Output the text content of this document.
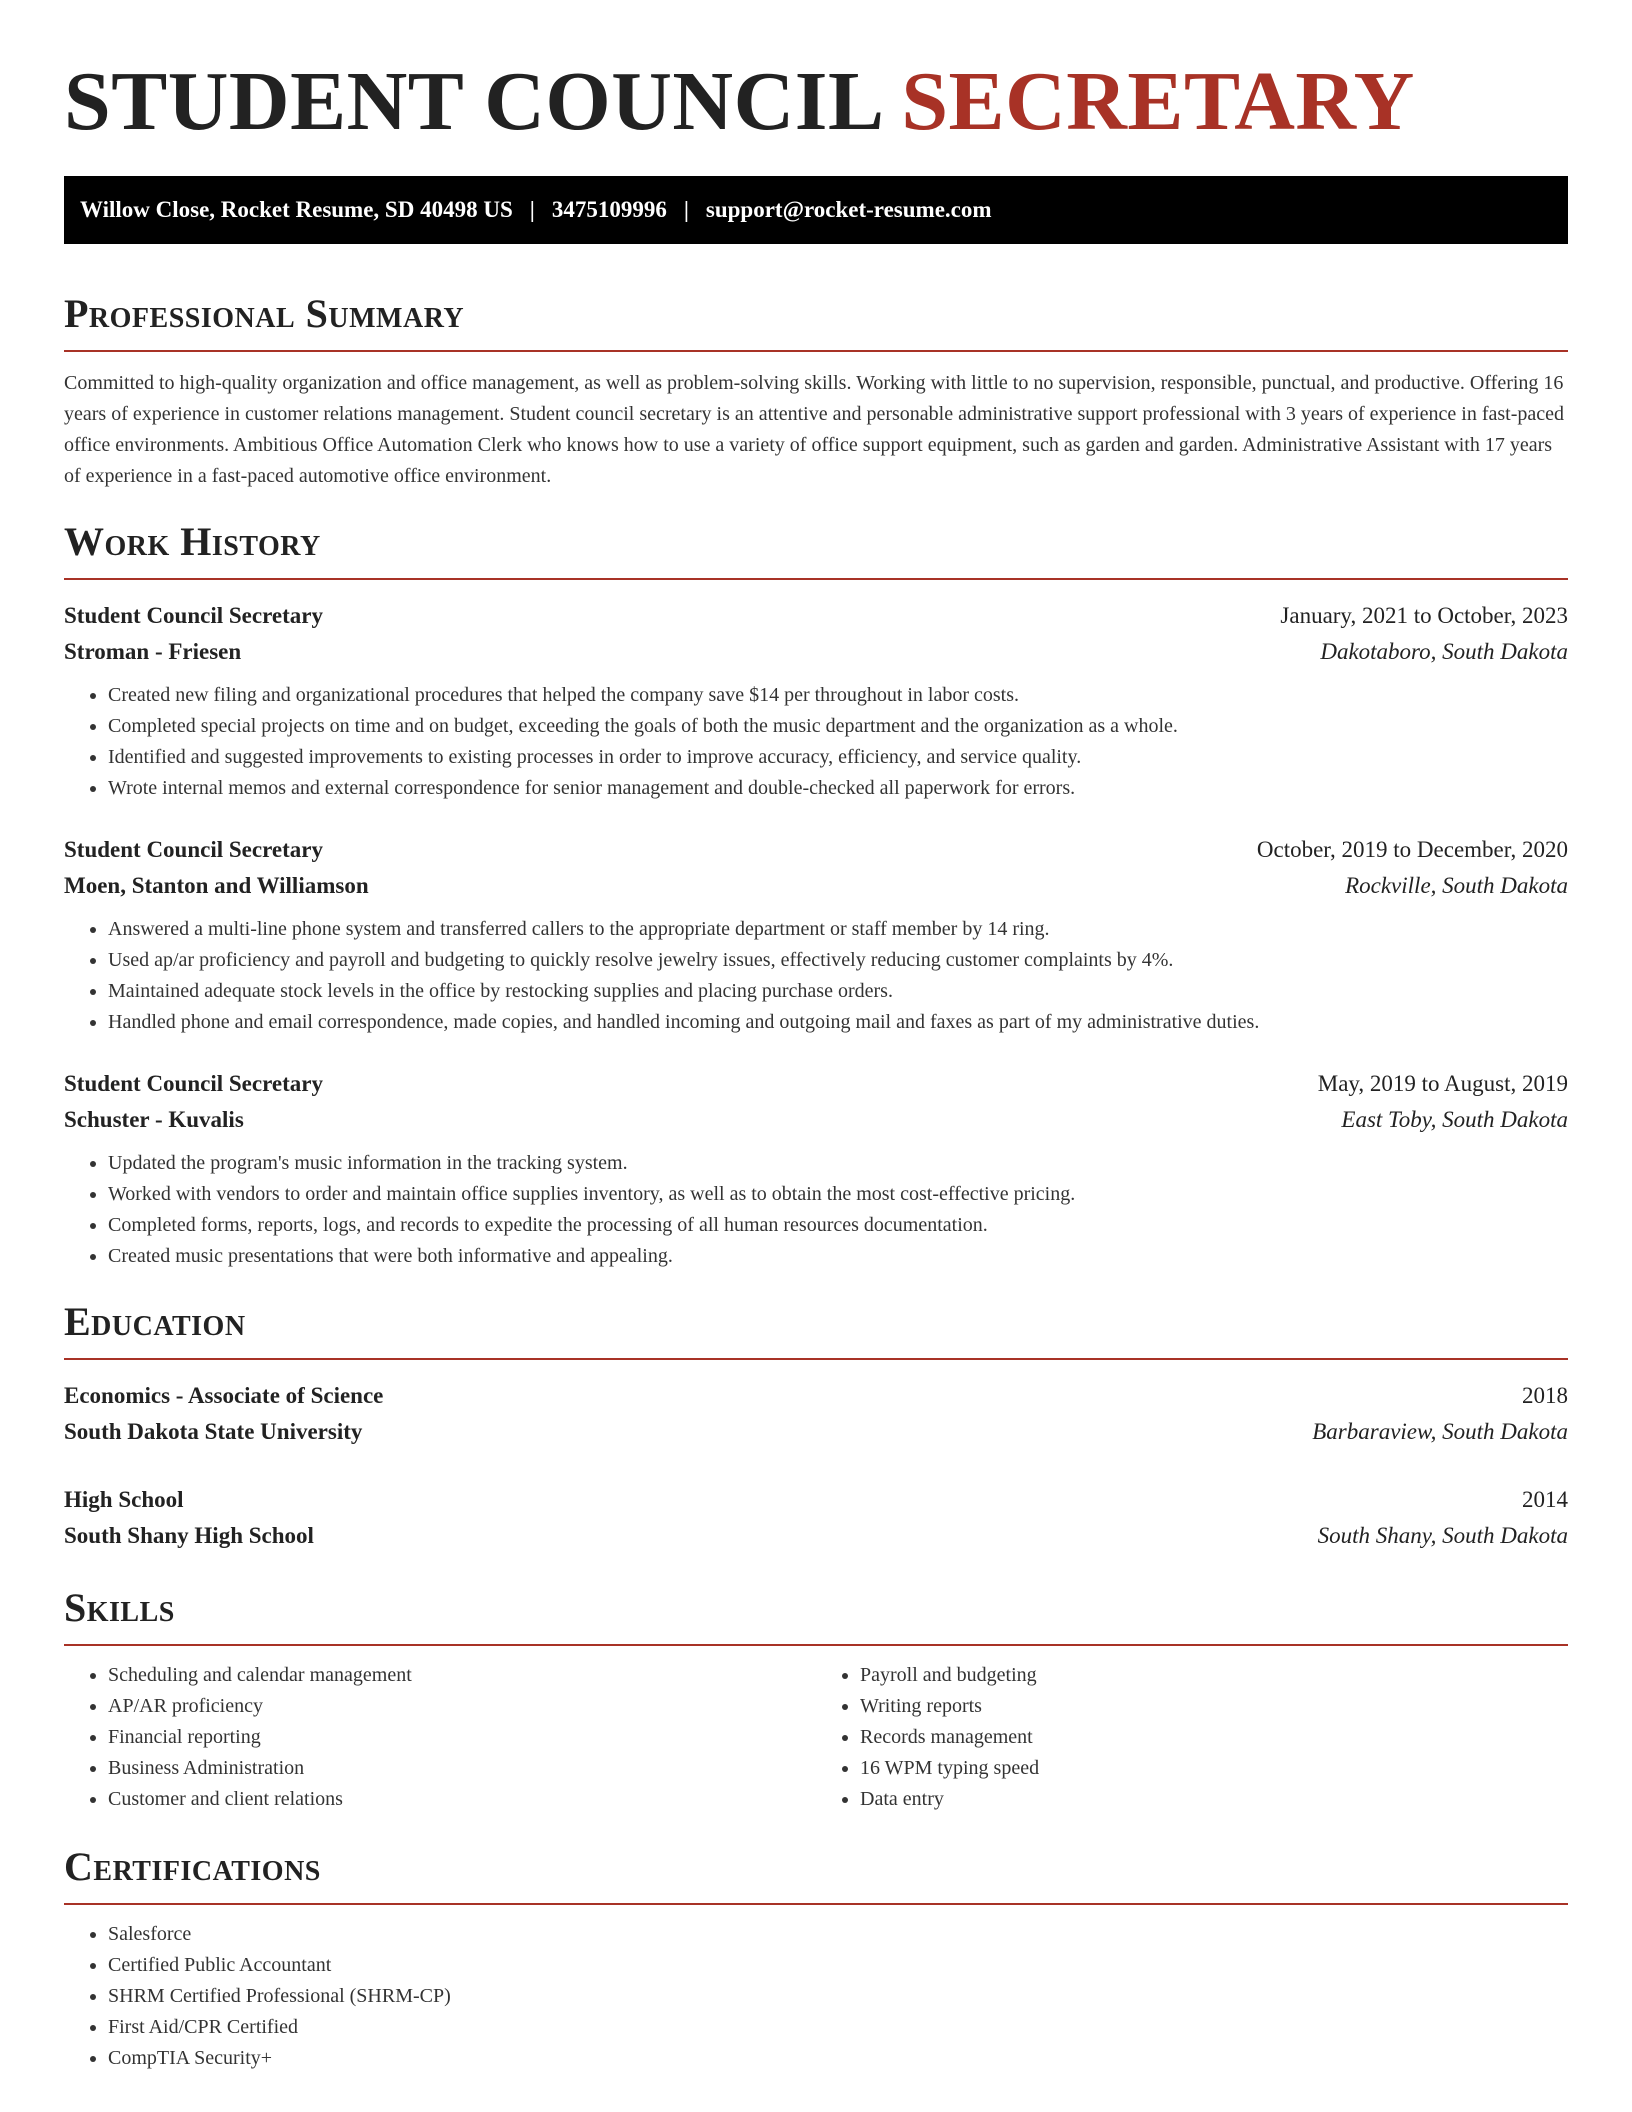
STUDENT COUNCIL SECRETARY
Willow Close, Rocket Resume, SD 40498 US | 3475109996 | support@rocket-resume.com
Professional Summary

Committed to high-quality organization and office management, as well as problem-solving skills. Working with little to no supervision, responsible, punctual, and productive. Offering 16 years of experience in customer relations management. Student council secretary is an attentive and personable administrative support professional with 3 years of experience in fast-paced office environments. Ambitious Office Automation Clerk who knows how to use a variety of office support equipment, such as garden and garden. Administrative Assistant with 17 years of experience in a fast-paced automotive office environment.

Work History
Student Council Secretary	January, 2021 to October, 2023
Stroman - Friesen	Dakotaboro, South Dakota
• Created new filing and organizational procedures that helped the company save $14 per throughout in labor costs.
• Completed special projects on time and on budget, exceeding the goals of both the music department and the organization as a whole.
• Identified and suggested improvements to existing processes in order to improve accuracy, efficiency, and service quality.
• Wrote internal memos and external correspondence for senior management and double-checked all paperwork for errors.
Student Council Secretary	October, 2019 to December, 2020
Moen, Stanton and Williamson	Rockville, South Dakota
• Answered a multi-line phone system and transferred callers to the appropriate department or staff member by 14 ring.
• Used ap/ar proficiency and payroll and budgeting to quickly resolve jewelry issues, effectively reducing customer complaints by 4%.
• Maintained adequate stock levels in the office by restocking supplies and placing purchase orders.
• Handled phone and email correspondence, made copies, and handled incoming and outgoing mail and faxes as part of my administrative duties.
Student Council Secretary	May, 2019 to August, 2019
Schuster - Kuvalis	East Toby, South Dakota
• Updated the program's music information in the tracking system.
• Worked with vendors to order and maintain office supplies inventory, as well as to obtain the most cost-effective pricing.
• Completed forms, reports, logs, and records to expedite the processing of all human resources documentation.
• Created music presentations that were both informative and appealing.
Education
Economics - Associate of Science	2018
South Dakota State University	Barbaraview, South Dakota
High School	2014
South Shany High School	South Shany, South Dakota
Skills
• Scheduling and calendar management
• AP/AR proficiency
• Financial reporting
• Business Administration
• Customer and client relations
• Payroll and budgeting
• Writing reports
• Records management
• 16 WPM typing speed
• Data entry
Certifications
• Salesforce
• Certified Public Accountant
• SHRM Certified Professional (SHRM-CP)
• First Aid/CPR Certified
• CompTIA Security+
